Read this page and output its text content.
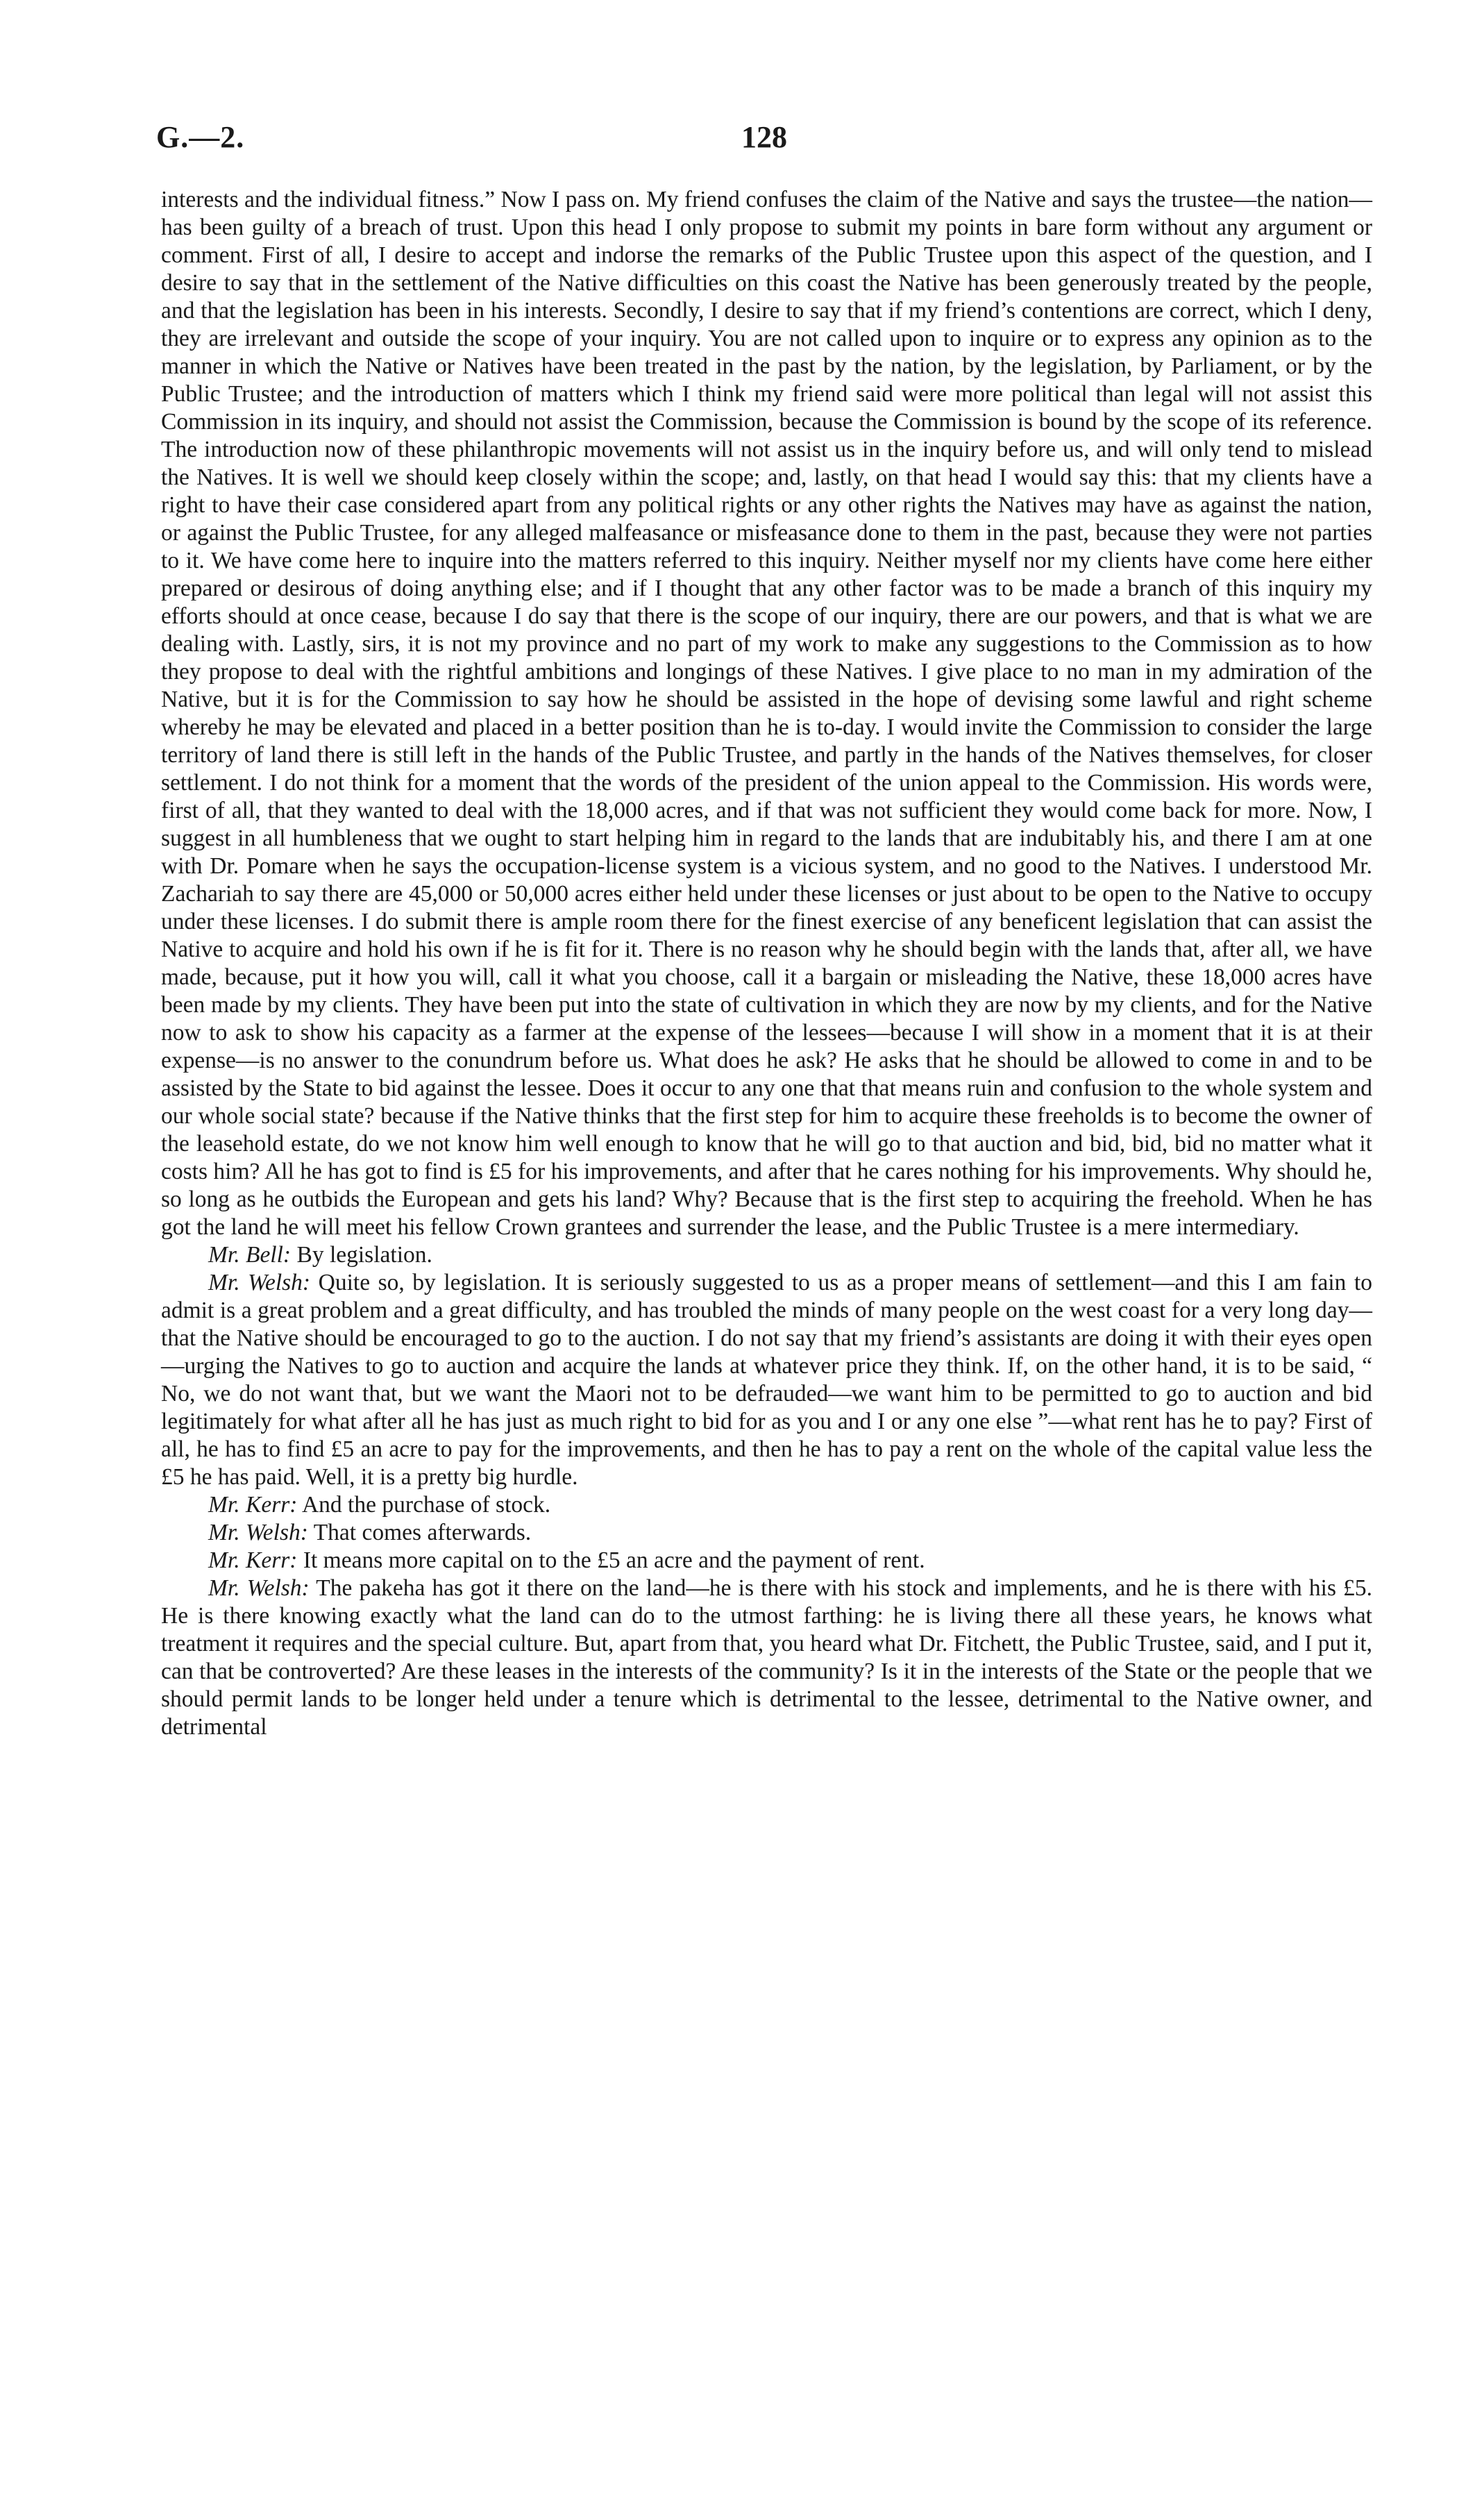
G.—2.	128

interests and the individual fitness.” Now I pass on. My friend confuses the claim of the Native and says the trustee—the nation—has been guilty of a breach of trust. Upon this head I only propose to submit my points in bare form without any argument or comment. First of all, I desire to accept and indorse the remarks of the Public Trustee upon this aspect of the question, and I desire to say that in the settlement of the Native difficulties on this coast the Native has been generously treated by the people, and that the legislation has been in his interests. Secondly, I desire to say that if my friend’s contentions are correct, which I deny, they are irrelevant and outside the scope of your inquiry. You are not called upon to inquire or to express any opinion as to the manner in which the Native or Natives have been treated in the past by the nation, by the legislation, by Parliament, or by the Public Trustee; and the introduction of matters which I think my friend said were more political than legal will not assist this Commission in its inquiry, and should not assist the Commission, because the Commission is bound by the scope of its reference. The introduction now of these philanthropic movements will not assist us in the inquiry before us, and will only tend to mislead the Natives. It is well we should keep closely within the scope; and, lastly, on that head I would say this: that my clients have a right to have their case considered apart from any political rights or any other rights the Natives may have as against the nation, or against the Public Trustee, for any alleged malfeasance or misfeasance done to them in the past, because they were not parties to it. We have come here to inquire into the matters referred to this inquiry. Neither myself nor my clients have come here either prepared or desirous of doing anything else; and if I thought that any other factor was to be made a branch of this inquiry my efforts should at once cease, because I do say that there is the scope of our inquiry, there are our powers, and that is what we are dealing with. Lastly, sirs, it is not my province and no part of my work to make any suggestions to the Commission as to how they propose to deal with the rightful ambitions and longings of these Natives. I give place to no man in my admiration of the Native, but it is for the Commission to say how he should be assisted in the hope of devising some lawful and right scheme whereby he may be elevated and placed in a better position than he is to-day. I would invite the Commission to consider the large territory of land there is still left in the hands of the Public Trustee, and partly in the hands of the Natives themselves, for closer settlement. I do not think for a moment that the words of the president of the union appeal to the Commission. His words were, first of all, that they wanted to deal with the 18,000 acres, and if that was not sufficient they would come back for more. Now, I suggest in all humbleness that we ought to start helping him in regard to the lands that are indubitably his, and there I am at one with Dr. Pomare when he says the occupation-license system is a vicious system, and no good to the Natives. I understood Mr. Zachariah to say there are 45,000 or 50,000 acres either held under these licenses or just about to be open to the Native to occupy under these licenses. I do submit there is ample room there for the finest exercise of any beneficent legislation that can assist the Native to acquire and hold his own if he is fit for it. There is no reason why he should begin with the lands that, after all, we have made, because, put it how you will, call it what you choose, call it a bargain or misleading the Native, these 18,000 acres have been made by my clients. They have been put into the state of cultivation in which they are now by my clients, and for the Native now to ask to show his capacity as a farmer at the expense of the lessees—because I will show in a moment that it is at their expense—is no answer to the conundrum before us. What does he ask? He asks that he should be allowed to come in and to be assisted by the State to bid against the lessee. Does it occur to any one that that means ruin and confusion to the whole system and our whole social state? because if the Native thinks that the first step for him to acquire these freeholds is to become the owner of the leasehold estate, do we not know him well enough to know that he will go to that auction and bid, bid, bid no matter what it costs him? All he has got to find is £5 for his improvements, and after that he cares nothing for his improvements. Why should he, so long as he outbids the European and gets his land? Why? Because that is the first step to acquiring the freehold. When he has got the land he will meet his fellow Crown grantees and surrender the lease, and the Public Trustee is a mere intermediary.

Mr. Bell: By legislation.

Mr. Welsh: Quite so, by legislation. It is seriously suggested to us as a proper means of settlement—and this I am fain to admit is a great problem and a great difficulty, and has troubled the minds of many people on the west coast for a very long day—that the Native should be encouraged to go to the auction. I do not say that my friend’s assistants are doing it with their eyes open—urging the Natives to go to auction and acquire the lands at whatever price they think. If, on the other hand, it is to be said, “ No, we do not want that, but we want the Maori not to be defrauded—we want him to be permitted to go to auction and bid legitimately for what after all he has just as much right to bid for as you and I or any one else ”—what rent has he to pay? First of all, he has to find £5 an acre to pay for the improvements, and then he has to pay a rent on the whole of the capital value less the £5 he has paid. Well, it is a pretty big hurdle.

Mr. Kerr: And the purchase of stock.

Mr. Welsh: That comes afterwards.

Mr. Kerr: It means more capital on to the £5 an acre and the payment of rent.

Mr. Welsh: The pakeha has got it there on the land—he is there with his stock and implements, and he is there with his £5. He is there knowing exactly what the land can do to the utmost farthing: he is living there all these years, he knows what treatment it requires and the special culture. But, apart from that, you heard what Dr. Fitchett, the Public Trustee, said, and I put it, can that be controverted? Are these leases in the interests of the community? Is it in the interests of the State or the people that we should permit lands to be longer held under a tenure which is detrimental to the lessee, detrimental to the Native owner, and detrimental
